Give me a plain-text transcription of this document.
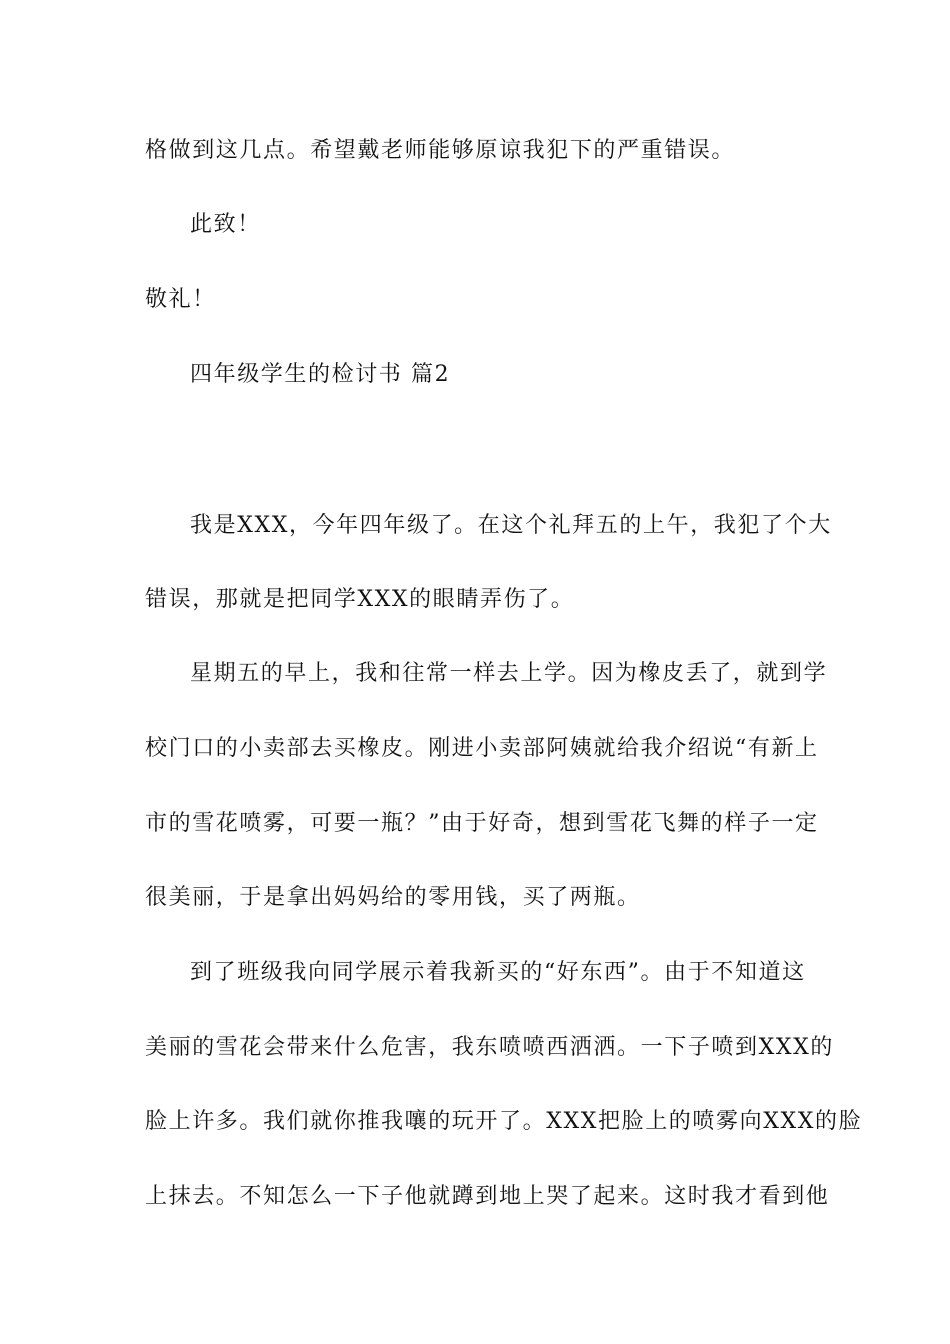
格做到这几点。希望戴老师能够原谅我犯下的严重错误。
此致！
敬礼！
四年级学生的检讨书 篇2
我是XXX，今年四年级了。在这个礼拜五的上午，我犯了个大
错误，那就是把同学XXX的眼睛弄伤了。
星期五的早上，我和往常一样去上学。因为橡皮丢了，就到学
校门口的小卖部去买橡皮。刚进小卖部阿姨就给我介绍说“有新上
市的雪花喷雾，可要一瓶？”由于好奇，想到雪花飞舞的样子一定
很美丽，于是拿出妈妈给的零用钱，买了两瓶。
到了班级我向同学展示着我新买的“好东西”。由于不知道这
美丽的雪花会带来什么危害，我东喷喷西洒洒。一下子喷到XXX的
脸上许多。我们就你推我嚷的玩开了。XXX把脸上的喷雾向XXX的脸
上抹去。不知怎么一下子他就蹲到地上哭了起来。这时我才看到他
